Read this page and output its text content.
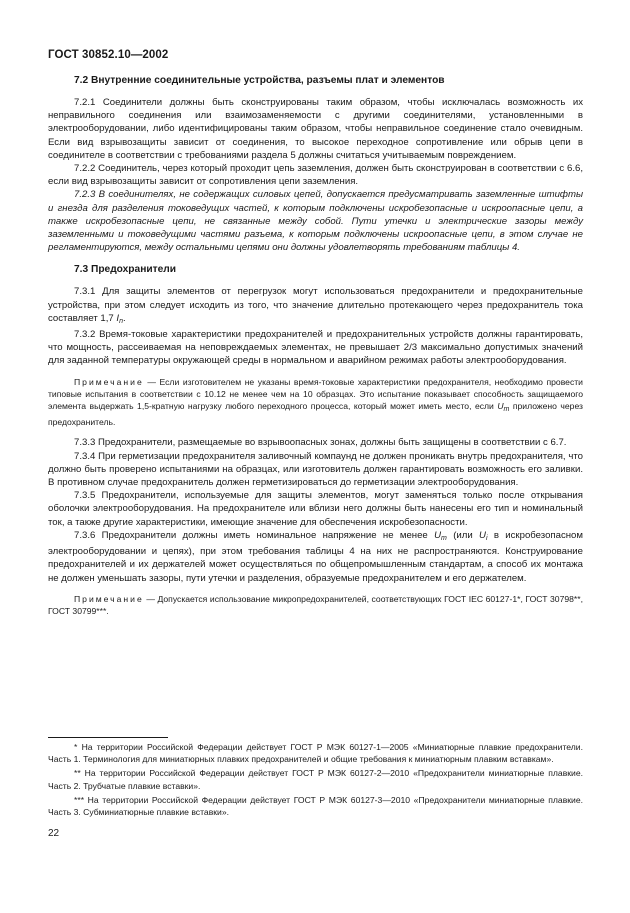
ГОСТ 30852.10—2002
7.2 Внутренние соединительные устройства, разъемы плат и элементов

7.2.1 Соединители должны быть сконструированы таким образом, чтобы исключалась возможность их неправильного соединения или взаимозаменяемости с другими соединителями, установленными в электрооборудовании, либо идентифицированы таким образом, чтобы неправильное соединение стало очевидным. Если вид взрывозащиты зависит от соединения, то высокое переходное сопротивление или обрыв цепи в соединителе в соответствии с требованиями раздела 5 должны считаться учитываемым повреждением.

7.2.2 Соединитель, через который проходит цепь заземления, должен быть сконструирован в соответствии с 6.6, если вид взрывозащиты зависит от сопротивления цепи заземления.

7.2.3 В соединителях, не содержащих силовых цепей, допускается предусматривать заземленные штифты и гнезда для разделения токоведущих частей, к которым подключены искробезопасные и искроопасные цепи, а также искробезопасные цепи, не связанные между собой. Пути утечки и электрические зазоры между заземленными и токоведущими частями разъема, к которым подключены искроопасные цепи, в этом случае не регламентируются, между остальными цепями они должны удовлетворять требованиям таблицы 4.

7.3 Предохранители

7.3.1 Для защиты элементов от перегрузок могут использоваться предохранители и предохранительные устройства, при этом следует исходить из того, что значение длительно протекающего через предохранитель тока составляет 1,7 $I_n$.

7.3.2 Время-токовые характеристики предохранителей и предохранительных устройств должны гарантировать, что мощность, рассеиваемая на неповреждаемых элементах, не превышает 2/3 максимально допустимых значений для заданной температуры окружающей среды в нормальном и аварийном режимах работы электрооборудования.

Примечание — Если изготовителем не указаны время-токовые характеристики предохранителя, необходимо провести типовые испытания в соответствии с 10.12 не менее чем на 10 образцах. Это испытание показывает способность защищаемого элемента выдержать 1,5-кратную нагрузку любого переходного процесса, который может иметь место, если $U_m$ приложено через предохранитель.

7.3.3 Предохранители, размещаемые во взрывоопасных зонах, должны быть защищены в соответствии с 6.7.

7.3.4 При герметизации предохранителя заливочный компаунд не должен проникать внутрь предохранителя, что должно быть проверено испытаниями на образцах, или изготовитель должен гарантировать возможность его заливки. В противном случае предохранитель должен герметизироваться до герметизации электрооборудования.

7.3.5 Предохранители, используемые для защиты элементов, могут заменяться только после открывания оболочки электрооборудования. На предохранителе или вблизи него должны быть нанесены его тип и номинальный ток, а также другие характеристики, имеющие значение для обеспечения искробезопасности.

7.3.6 Предохранители должны иметь номинальное напряжение не менее $U_m$ (или $U_i$ в искробезопасном электрооборудовании и цепях), при этом требования таблицы 4 на них не распространяются. Конструирование предохранителей и их держателей может осуществляться по общепромышленным стандартам, а способ их монтажа не должен уменьшать зазоры, пути утечки и разделения, образуемые предохранителем и его держателем.

Примечание — Допускается использование микропредохранителей, соответствующих ГОСТ IEC 60127-1*, ГОСТ 30798**, ГОСТ 30799***.
* На территории Российской Федерации действует ГОСТ Р МЭК 60127-1—2005 «Миниатюрные плавкие предохранители. Часть 1. Терминология для миниатюрных плавких предохранителей и общие требования к миниатюрным плавким вставкам».
** На территории Российской Федерации действует ГОСТ Р МЭК 60127-2—2010 «Предохранители миниатюрные плавкие. Часть 2. Трубчатые плавкие вставки».
*** На территории Российской Федерации действует ГОСТ Р МЭК 60127-3—2010 «Предохранители миниатюрные плавкие. Часть 3. Субминиатюрные плавкие вставки».
22
